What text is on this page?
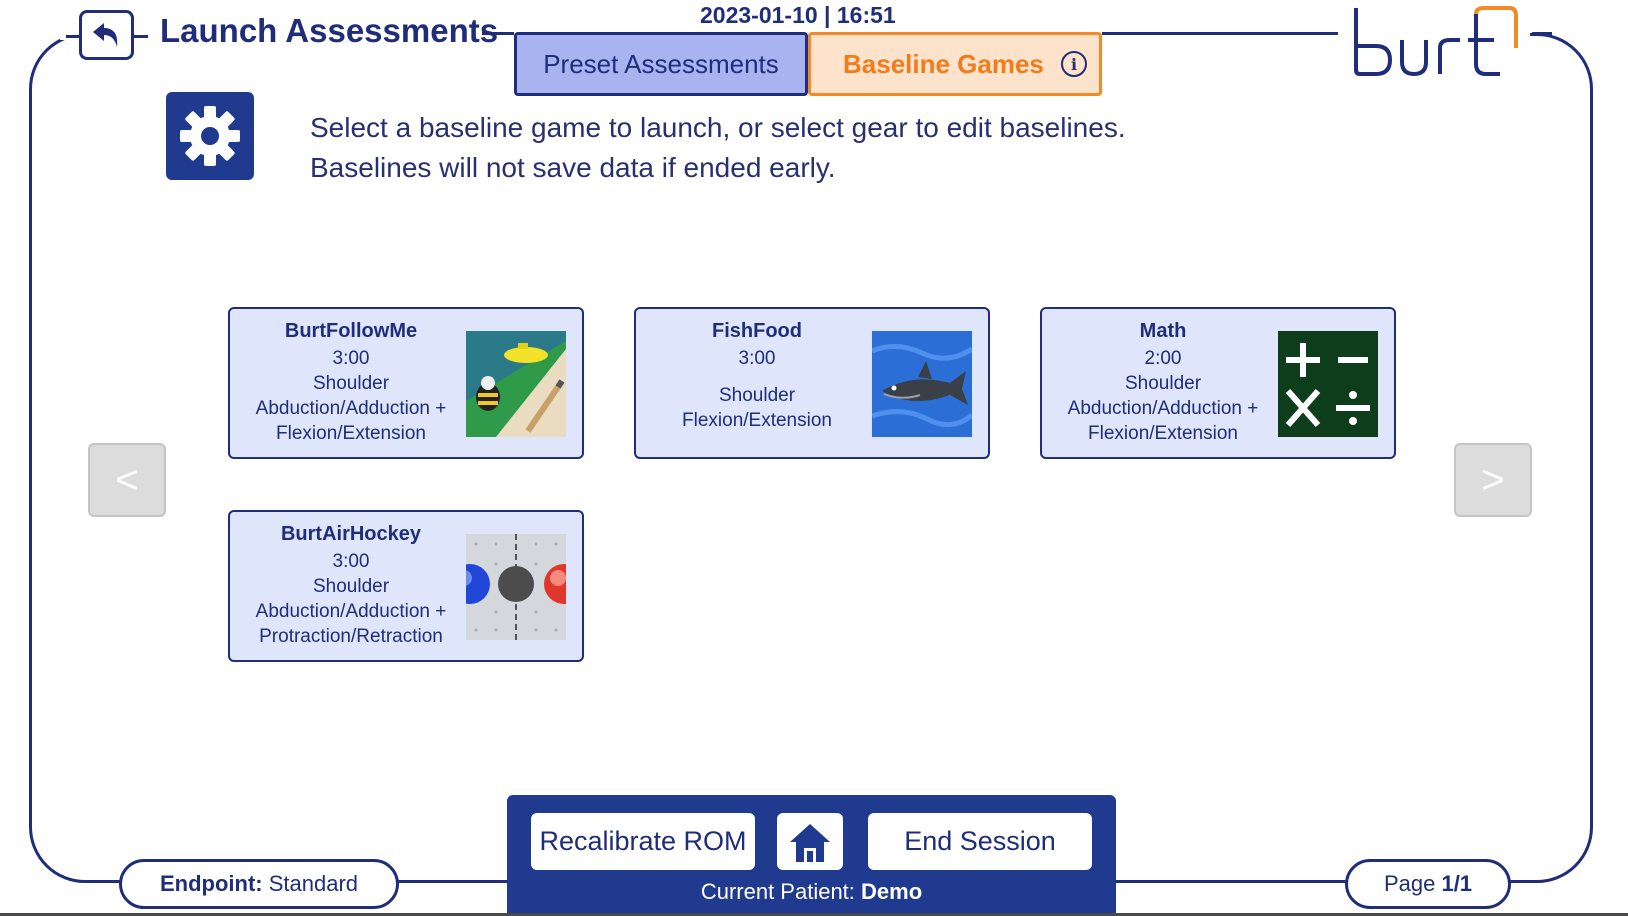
Launch Assessments	2023-01-10 | 16:51
Preset Assessments Baseline Games	i
Select a baseline game to launch, or select gear to edit baselines.
Baselines will not save data if ended early.
BurtFollowMe
3:00
Shoulder
Abduction/Adduction +
Flexion/Extension
FishFood
3:00
Shoulder
Flexion/Extension
Math
2:00
Shoulder
Abduction/Adduction +
Flexion/Extension
BurtAirHockey
3:00
Shoulder
Abduction/Adduction +
Protraction/Retraction
<	>
Recalibrate ROM	End Session
Current Patient: Demo
Endpoint:
Standard	Page
1/1
